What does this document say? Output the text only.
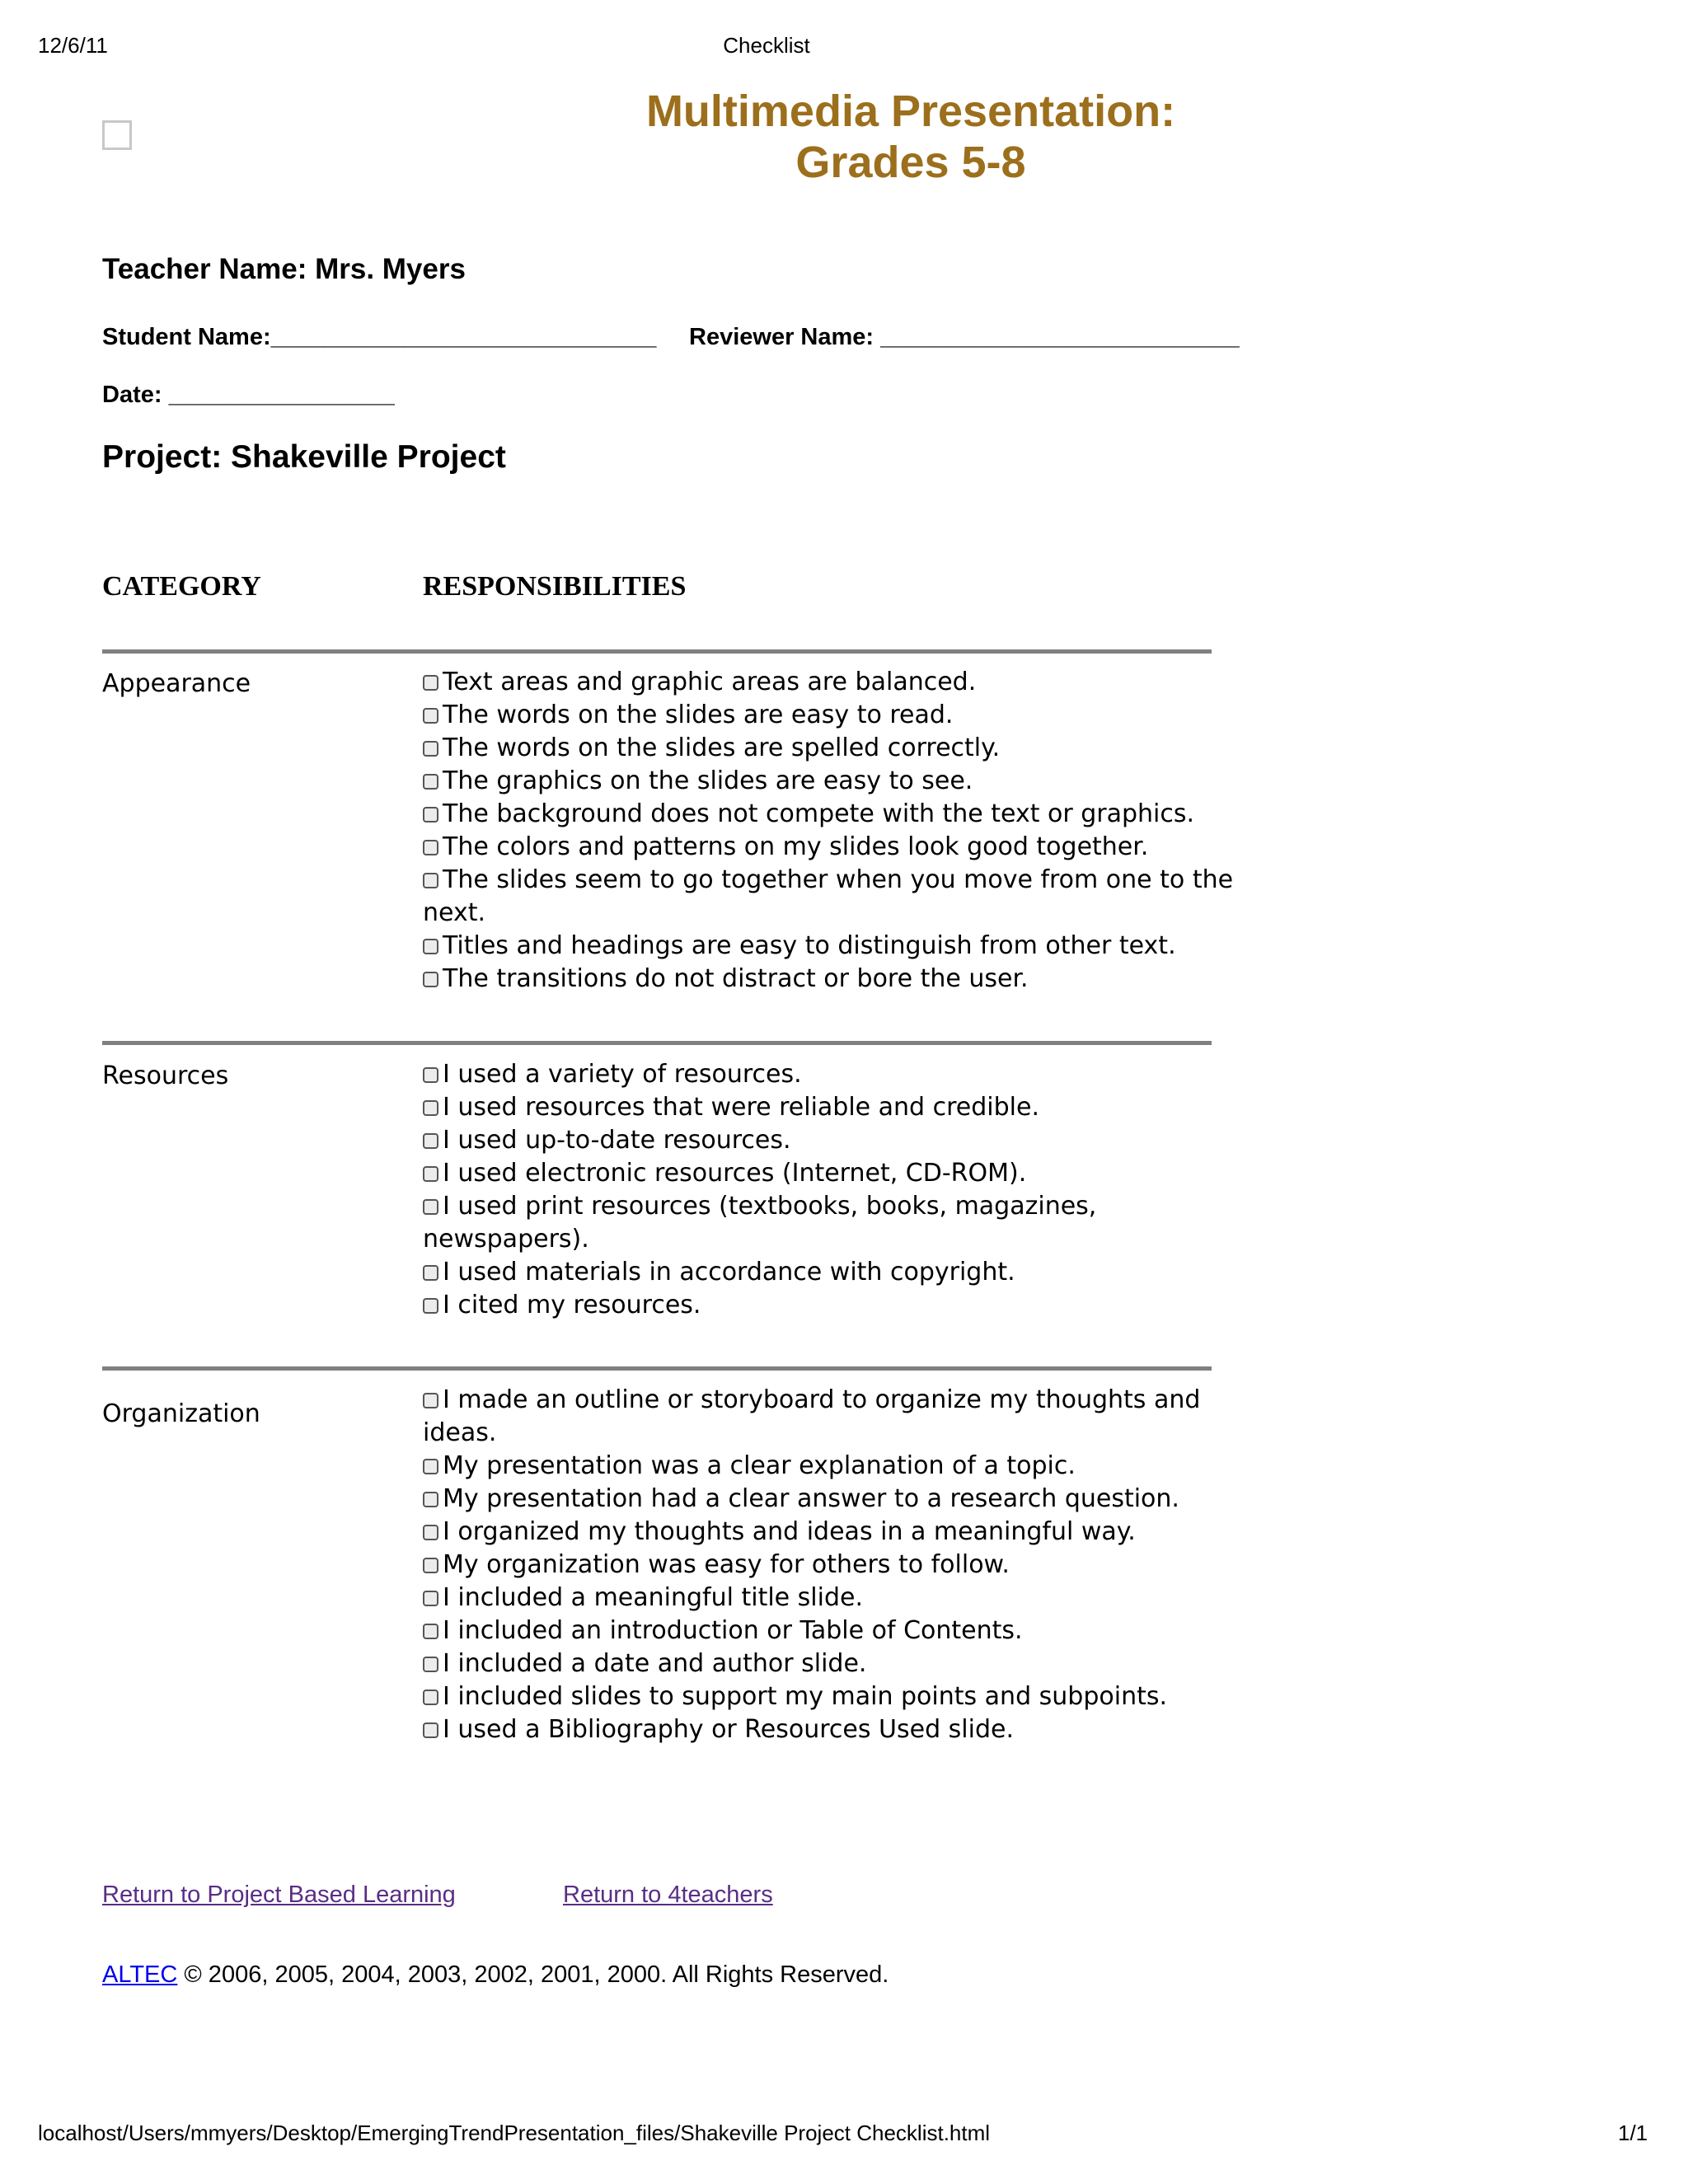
12/6/11	Checklist
Multimedia Presentation:
Grades 5-8
Teacher Name: Mrs. Myers
Student Name:_____________________________ Reviewer Name: ___________________________
Date: _________________
Project: Shakeville Project
CATEGORY	RESPONSIBILITIES
Appearance	Text areas and graphic areas are balanced.

The words on the slides are easy to read.

The words on the slides are spelled correctly.

The graphics on the slides are easy to see.

The background does not compete with the text or graphics.

The colors and patterns on my slides look good together.

The slides seem to go together when you move from one to the next.

Titles and headings are easy to distinguish from other text.

The transitions do not distract or bore the user.

Resources	I used a variety of resources.

I used resources that were reliable and credible.

I used up-to-date resources.

I used electronic resources (Internet, CD-ROM).

I used print resources (textbooks, books, magazines, newspapers).

I used materials in accordance with copyright.

I cited my resources.

Organization	I made an outline or storyboard to organize my thoughts and ideas.

My presentation was a clear explanation of a topic.

My presentation had a clear answer to a research question.

I organized my thoughts and ideas in a meaningful way.

My organization was easy for others to follow.

I included a meaningful title slide.

I included an introduction or Table of Contents.

I included a date and author slide.

I included slides to support my main points and subpoints.

I used a Bibliography or Resources Used slide.

Return to Project Based Learning	Return to 4teachers
ALTEC © 2006, 2005, 2004, 2003, 2002, 2001, 2000. All Rights Reserved.
localhost/Users/mmyers/Desktop/EmergingTrendPresentation_files/Shakeville Project Checklist.html	1/1
